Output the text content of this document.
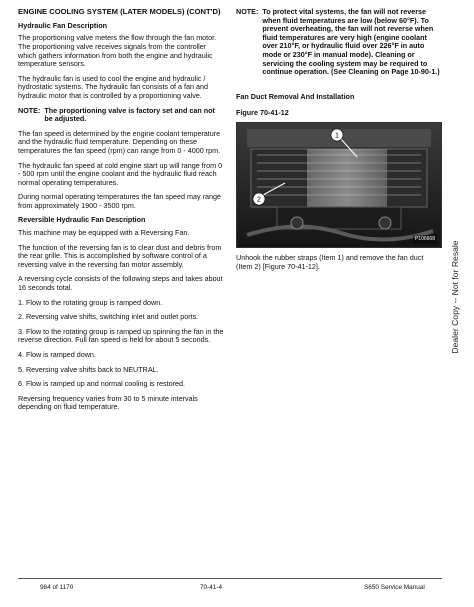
ENGINE COOLING SYSTEM (LATER MODELS) (CONT'D)
Hydraulic Fan Description
The proportioning valve meters the flow through the fan motor. The proportioning valve receives signals from the controller which gathers information from both the engine and hydraulic temperature sensors.
The hydraulic fan is used to cool the engine and hydraulic / hydrostatic systems. The hydraulic fan consists of a fan and hydraulic motor that is controlled by a proportioning valve.
NOTE: The proportioning valve is factory set and can not be adjusted.
The fan speed is determined by the engine coolant temperature and the hydraulic fluid temperature. Depending on these temperatures the fan speed (rpm) can range from 0 - 4000 rpm.
The hydraulic fan speed at cold engine start up will range from 0 - 500 rpm until the engine coolant and the hydraulic fluid reach normal operating temperatures.
During normal operating temperatures the fan speed may range from approximately 1900 - 3500 rpm.
Reversible Hydraulic Fan Description
This machine may be equipped with a Reversing Fan.
The function of the reversing fan is to clear dust and debris from the rear grille. This is accomplished by software control of a reversing valve in the reversing fan motor assembly.
A reversing cycle consists of the following steps and takes about 16 seconds total.
1. Flow to the rotating group is ramped down.
2. Reversing valve shifts, switching inlet and outlet ports.
3. Flow to the rotating group is ramped up spinning the fan in the reverse direction. Full fan speed is held for about 5 seconds.
4. Flow is ramped down.
5. Reversing valve shifts back to NEUTRAL.
6. Flow is ramped up and normal cooling is restored.
Reversing frequency varies from 30 to 5 minute intervals depending on fluid temperature.
NOTE: To protect vital systems, the fan will not reverse when fluid temperatures are low (below 60°F). To prevent overheating, the fan will not reverse when fluid temperatures are very high (engine coolant over 210°F, or hydraulic fluid over 226°F in auto mode or 230°F in manual mode). Cleaning or servicing the cooling system may be required to continue operation. (See Cleaning on Page 10-90-1.)
Fan Duct Removal And Installation
Figure 70-41-12
1
2
P106668
Unhook the rubber straps (Item 1) and remove the fan duct (Item 2) [Figure 70-41-12].	Dealer Copy -- Not for Resale
984 of 1170	70-41-4	S650 Service Manual
